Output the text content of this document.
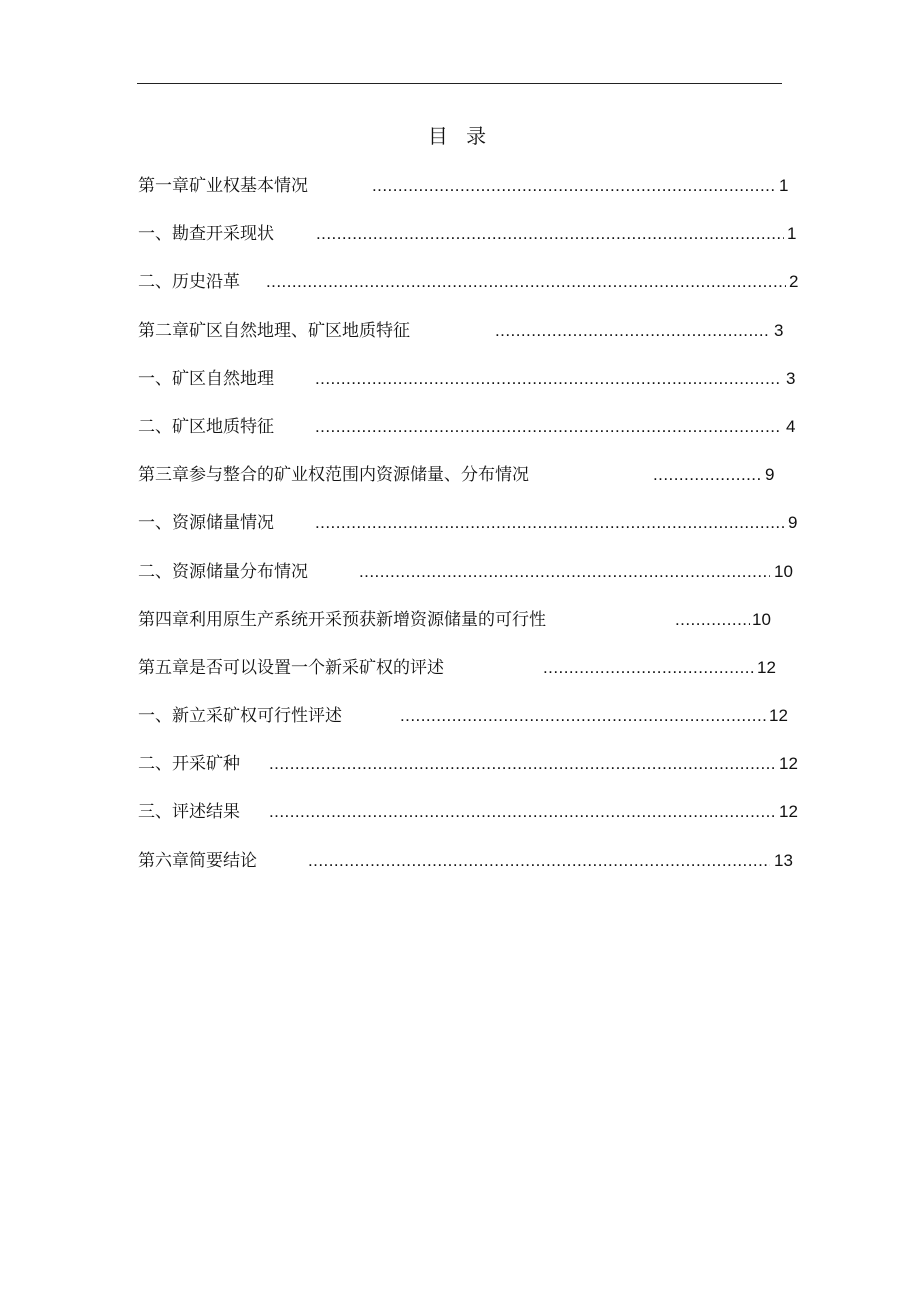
目 录
第一章矿业权基本情况 .....	1
一、勘查开采现状 .....	1
二、历史沿革 .....	2
第二章矿区自然地理、矿区地质特征 .....	3
一、矿区自然地理 .....	3
二、矿区地质特征 .....	4
第三章参与整合的矿业权范围内资源储量、分布情况 .....	9
一、资源储量情况 .....	9
二、资源储量分布情况 .....	10
第四章利用原生产系统开采预获新增资源储量的可行性 .....	10
第五章是否可以设置一个新采矿权的评述 .....	12
一、新立采矿权可行性评述 .....	12
二、开采矿种 .....	12
三、评述结果 .....	12
第六章简要结论 .....	13
